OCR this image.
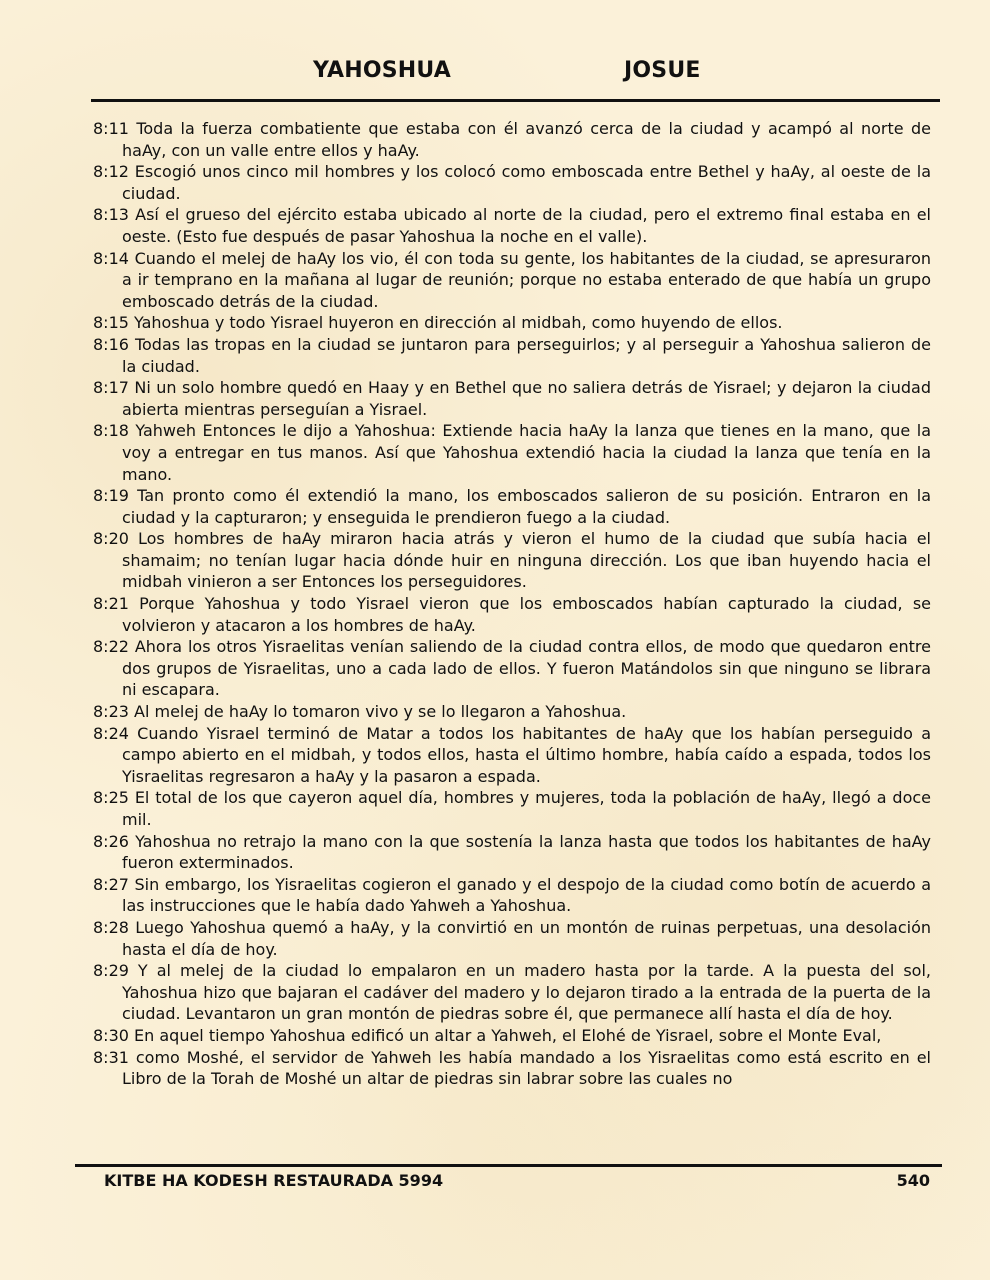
YAHOSHUA	JOSUE

8:11 Toda la fuerza combatiente que estaba con él avanzó cerca de la ciudad y acampó al norte de haAy, con un valle entre ellos y haAy.

8:12 Escogió unos cinco mil hombres y los colocó como emboscada entre Bethel y haAy, al oeste de la ciudad.

8:13 Así el grueso del ejército estaba ubicado al norte de la ciudad, pero el extremo final estaba en el oeste. (Esto fue después de pasar Yahoshua la noche en el valle).

8:14 Cuando el melej de haAy los vio, él con toda su gente, los habitantes de la ciudad, se apresuraron a ir temprano en la mañana al lugar de reunión; porque no estaba enterado de que había un grupo emboscado detrás de la ciudad.

8:15 Yahoshua y todo Yisrael huyeron en dirección al midbah, como huyendo de ellos.

8:16 Todas las tropas en la ciudad se juntaron para perseguirlos; y al perseguir a Yahoshua salieron de la ciudad.

8:17 Ni un solo hombre quedó en Haay y en Bethel que no saliera detrás de Yisrael; y dejaron la ciudad abierta mientras perseguían a Yisrael.

8:18 Yahweh Entonces le dijo a Yahoshua: Extiende hacia haAy la lanza que tienes en la mano, que la voy a entregar en tus manos. Así que Yahoshua extendió hacia la ciudad la lanza que tenía en la mano.

8:19 Tan pronto como él extendió la mano, los emboscados salieron de su posición. Entraron en la ciudad y la capturaron; y enseguida le prendieron fuego a la ciudad.

8:20 Los hombres de haAy miraron hacia atrás y vieron el humo de la ciudad que subía hacia el shamaim; no tenían lugar hacia dónde huir en ninguna dirección. Los que iban huyendo hacia el midbah vinieron a ser Entonces los perseguidores.

8:21 Porque Yahoshua y todo Yisrael vieron que los emboscados habían capturado la ciudad, se volvieron y atacaron a los hombres de haAy.

8:22 Ahora los otros Yisraelitas venían saliendo de la ciudad contra ellos, de modo que quedaron entre dos grupos de Yisraelitas, uno a cada lado de ellos. Y fueron Matándolos sin que ninguno se librara ni escapara.

8:23 Al melej de haAy lo tomaron vivo y se lo llegaron a Yahoshua.

8:24 Cuando Yisrael terminó de Matar a todos los habitantes de haAy que los habían perseguido a campo abierto en el midbah, y todos ellos, hasta el último hombre, había caído a espada, todos los Yisraelitas regresaron a haAy y la pasaron a espada.

8:25 El total de los que cayeron aquel día, hombres y mujeres, toda la población de haAy, llegó a doce mil.

8:26 Yahoshua no retrajo la mano con la que sostenía la lanza hasta que todos los habitantes de haAy fueron exterminados.

8:27 Sin embargo, los Yisraelitas cogieron el ganado y el despojo de la ciudad como botín de acuerdo a las instrucciones que le había dado Yahweh a Yahoshua.

8:28 Luego Yahoshua quemó a haAy, y la convirtió en un montón de ruinas perpetuas, una desolación hasta el día de hoy.

8:29 Y al melej de la ciudad lo empalaron en un madero hasta por la tarde. A la puesta del sol, Yahoshua hizo que bajaran el cadáver del madero y lo dejaron tirado a la entrada de la puerta de la ciudad. Levantaron un gran montón de piedras sobre él, que permanece allí hasta el día de hoy.

8:30 En aquel tiempo Yahoshua edificó un altar a Yahweh, el Elohé de Yisrael, sobre el Monte Eval,

8:31 como Moshé, el servidor de Yahweh les había mandado a los Yisraelitas como está escrito en el Libro de la Torah de Moshé un altar de piedras sin labrar sobre las cuales no

KITBE HA KODESH RESTAURADA 5994	540
